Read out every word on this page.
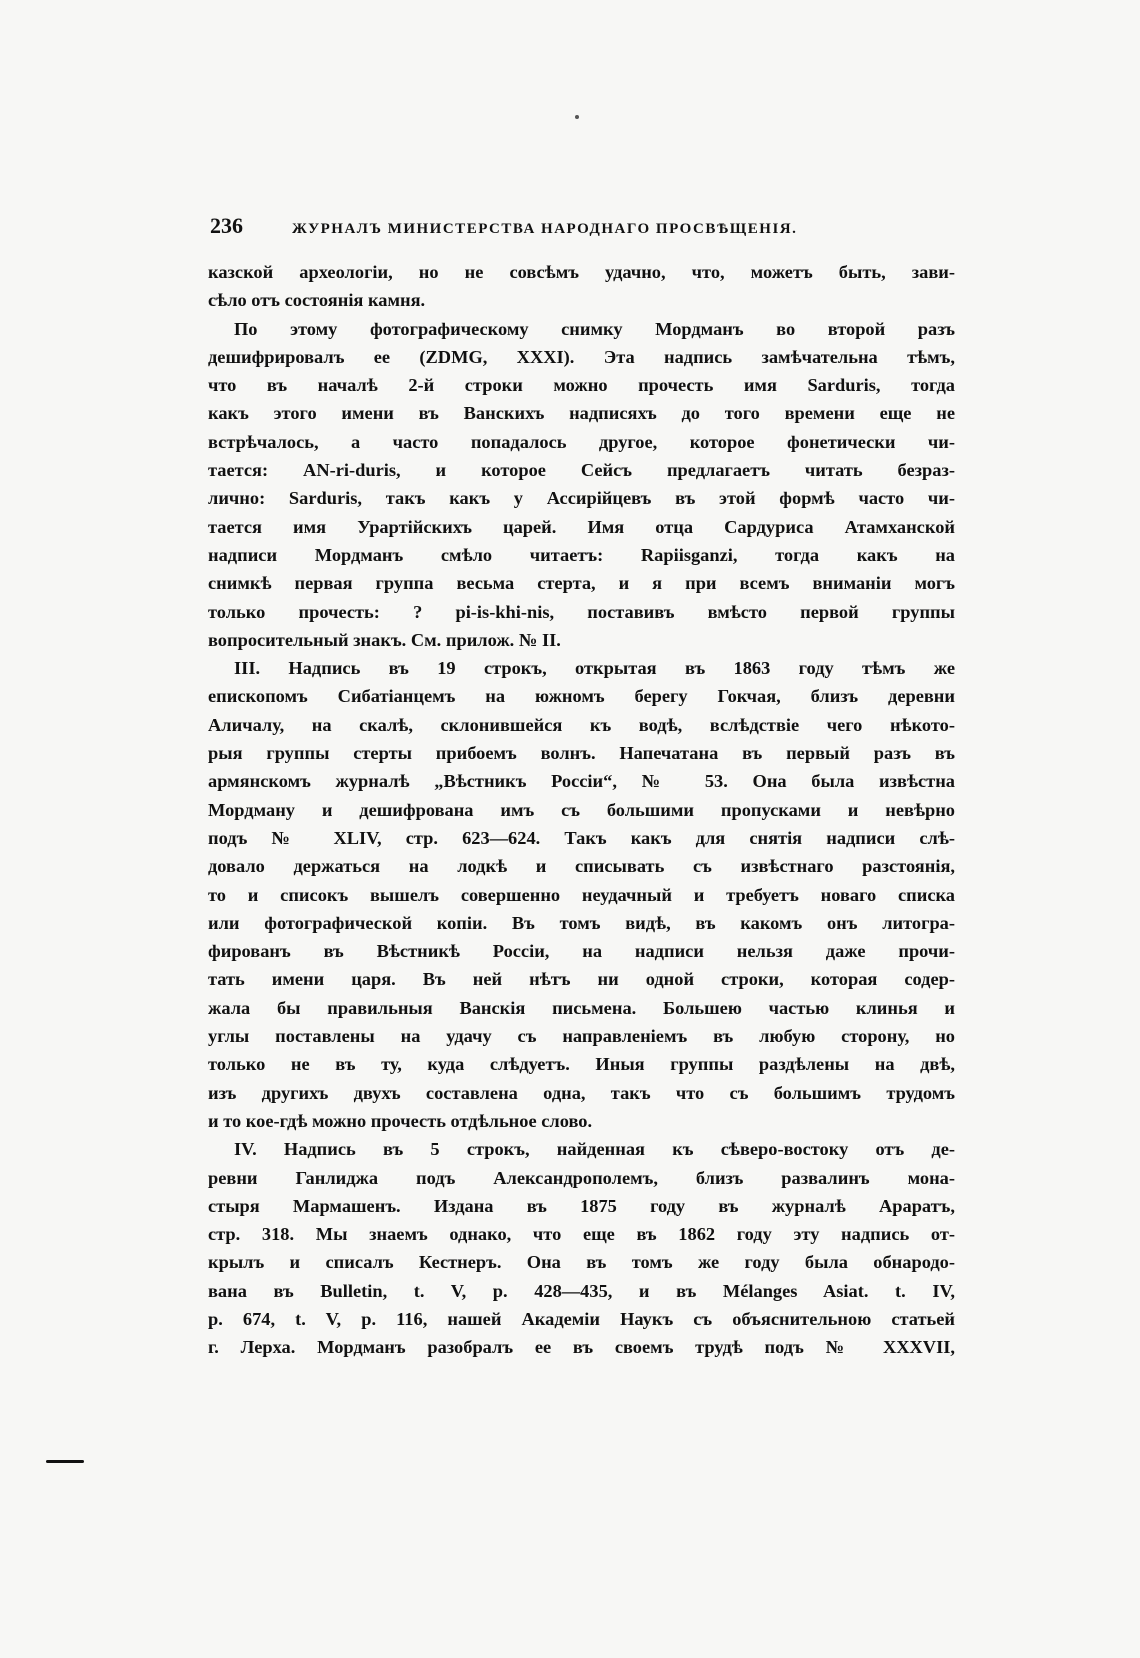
236	ЖУРНАЛЪ МИНИСТЕРСТВА НАРОДНАГО ПРОСВѢЩЕНІЯ.
казской археологіи, но не совсѣмъ удачно, что, можетъ быть, зави-
сѣло отъ состоянія камня.
По этому фотографическому снимку Мордманъ во второй разъ
дешифрировалъ ее (ZDMG, XXXI). Эта надпись замѣчательна тѣмъ,
что въ началѣ 2-й строки можно прочесть имя Sardurіs, тогда
какъ этого имени въ Ванскихъ надписяхъ до того времени еще не
встрѣчалось, а часто попадалось другое, которое фонетически чи-
тается: AN-ri-duris, и которое Сейсъ предлагаетъ читать безраз-
лично: Sarduris, такъ какъ у Ассирійцевъ въ этой формѣ часто чи-
тается имя Урартійскихъ царей. Имя отца Сардуриса Атамханской
надписи Мордманъ смѣло читаетъ: Rapiisganzi, тогда какъ на
снимкѣ первая группа весьма стерта, и я при всемъ вниманіи могъ
только прочесть: ? pi-is-khi-nis, поставивъ вмѣсто первой группы
вопросительный знакъ. См. прилож. № II.
III. Надпись въ 19 строкъ, открытая въ 1863 году тѣмъ же
епископомъ Сибатіанцемъ на южномъ берегу Гокчая, близъ деревни
Аличалу, на скалѣ, склонившейся къ водѣ, вслѣдствіе чего нѣкото-
рыя группы стерты прибоемъ волнъ. Напечатана въ первый разъ въ
армянскомъ журналѣ „Вѣстникъ Россіи“, № 53. Она была извѣстна
Мордману и дешифрована имъ съ большими пропусками и невѣрно
подъ № XLIV, стр. 623—624. Такъ какъ для снятія надписи слѣ-
довало держаться на лодкѣ и списывать съ извѣстнаго разстоянія,
то и списокъ вышелъ совершенно неудачный и требуетъ новаго списка
или фотографической копіи. Въ томъ видѣ, въ какомъ онъ литогра-
фированъ въ Вѣстникѣ Россіи, на надписи нельзя даже прочи-
тать имени царя. Въ ней нѣтъ ни одной строки, которая содер-
жала бы правильныя Ванскія письмена. Большею частью клинья и
углы поставлены на удачу съ направленіемъ въ любую сторону, но
только не въ ту, куда слѣдуетъ. Иныя группы раздѣлены на двѣ,
изъ другихъ двухъ составлена одна, такъ что съ большимъ трудомъ
и то кое-гдѣ можно прочесть отдѣльное слово.
IV. Надпись въ 5 строкъ, найденная къ сѣверо-востоку отъ де-
ревни Ганлиджа подъ Александрополемъ, близъ развалинъ мона-
стыря Мармашенъ. Издана въ 1875 году въ журналѣ Араратъ,
стр. 318. Мы знаемъ однако, что еще въ 1862 году эту надпись от-
крылъ и списалъ Кестнеръ. Она въ томъ же году была обнародо-
вана въ Bulletin, t. V, p. 428—435, и въ Mélanges Asiat. t. IV,
p. 674, t. V, p. 116, нашей Академіи Наукъ съ объяснительною статьей
г. Лерха. Мордманъ разобралъ ее въ своемъ трудѣ подъ № XXXVII,
